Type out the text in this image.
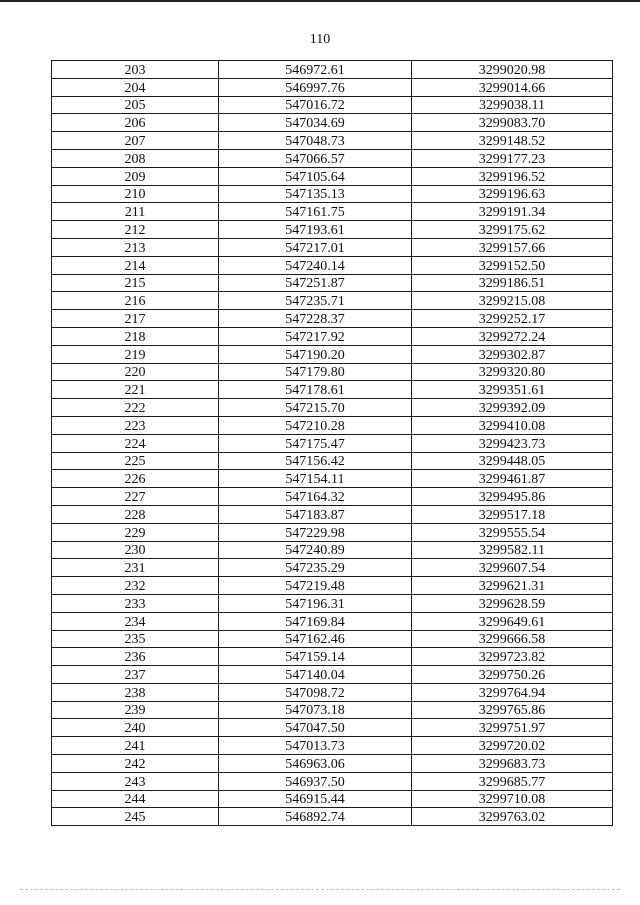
110
203	546972.61	3299020.98
204	546997.76	3299014.66
205	547016.72	3299038.11
206	547034.69	3299083.70
207	547048.73	3299148.52
208	547066.57	3299177.23
209	547105.64	3299196.52
210	547135.13	3299196.63
211	547161.75	3299191.34
212	547193.61	3299175.62
213	547217.01	3299157.66
214	547240.14	3299152.50
215	547251.87	3299186.51
216	547235.71	3299215.08
217	547228.37	3299252.17
218	547217.92	3299272.24
219	547190.20	3299302.87
220	547179.80	3299320.80
221	547178.61	3299351.61
222	547215.70	3299392.09
223	547210.28	3299410.08
224	547175.47	3299423.73
225	547156.42	3299448.05
226	547154.11	3299461.87
227	547164.32	3299495.86
228	547183.87	3299517.18
229	547229.98	3299555.54
230	547240.89	3299582.11
231	547235.29	3299607.54
232	547219.48	3299621.31
233	547196.31	3299628.59
234	547169.84	3299649.61
235	547162.46	3299666.58
236	547159.14	3299723.82
237	547140.04	3299750.26
238	547098.72	3299764.94
239	547073.18	3299765.86
240	547047.50	3299751.97
241	547013.73	3299720.02
242	546963.06	3299683.73
243	546937.50	3299685.77
244	546915.44	3299710.08
245	546892.74	3299763.02
